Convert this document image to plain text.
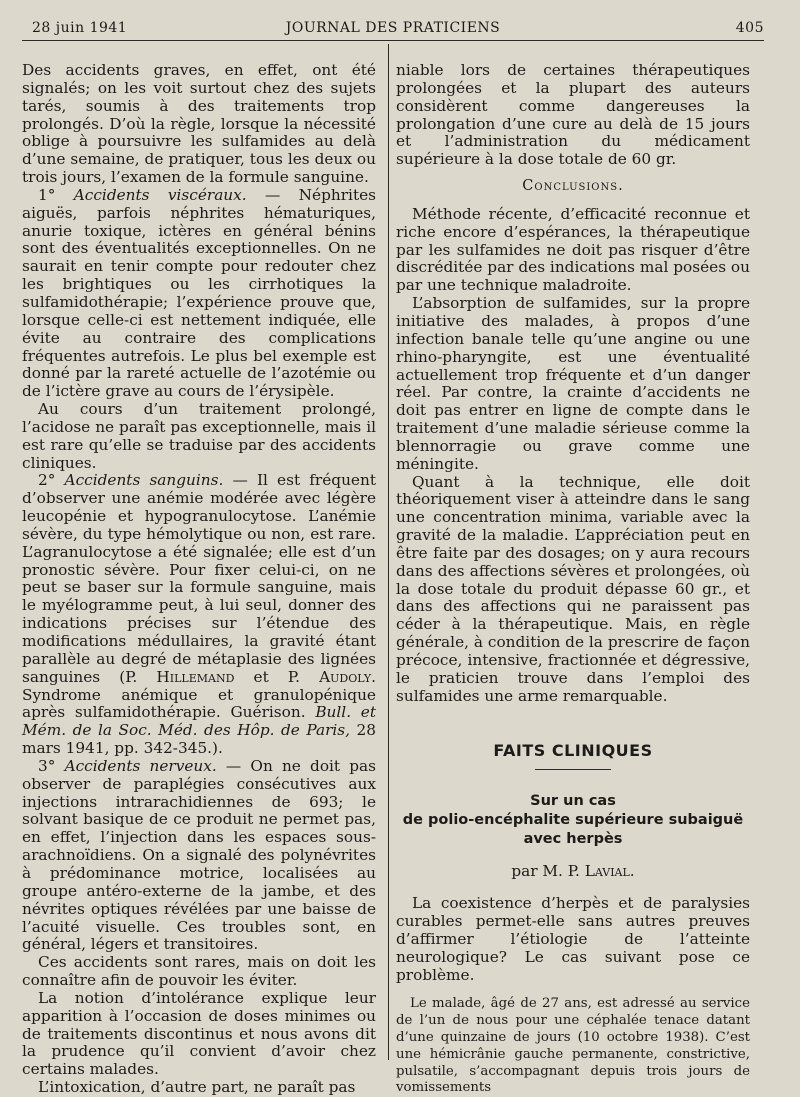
28 juin 1941	JOURNAL DES PRATICIENS	405

Des accidents graves, en effet, ont été signalés; on les voit surtout chez des sujets tarés, soumis à des traitements trop prolongés. D’où la règle, lorsque la nécessité oblige à poursuivre les sulfamides au delà d’une semaine, de pratiquer, tous les deux ou trois jours, l’examen de la formule sanguine.

1° Accidents viscéraux. — Néphrites aiguës, parfois néphrites hématuriques, anurie toxique, ictères en général bénins sont des éventualités exceptionnelles. On ne saurait en tenir compte pour redouter chez les brightiques ou les cirrhotiques la sulfamidothérapie; l’expérience prouve que, lorsque celle-ci est nettement indiquée, elle évite au contraire des complications fréquentes autrefois. Le plus bel exemple est donné par la rareté actuelle de l’azotémie ou de l’ictère grave au cours de l’érysipèle.

Au cours d’un traitement prolongé, l’acidose ne paraît pas exceptionnelle, mais il est rare qu’elle se traduise par des accidents cliniques.

2° Accidents sanguins. — Il est fréquent d’observer une anémie modérée avec légère leucopénie et hypogranulocytose. L’anémie sévère, du type hémolytique ou non, est rare. L’agranulocytose a été signalée; elle est d’un pronostic sévère. Pour fixer celui-ci, on ne peut se baser sur la formule sanguine, mais le myélogramme peut, à lui seul, donner des indications précises sur l’étendue des modifications médullaires, la gravité étant parallèle au degré de métaplasie des lignées sanguines (P. Hillemand et P. Audoly. Syndrome anémique et granulopénique après sulfamidothérapie. Guérison. Bull. et Mém. de la Soc. Méd. des Hôp. de Paris, 28 mars 1941, pp. 342-345.).

3° Accidents nerveux. — On ne doit pas observer de paraplégies consécutives aux injections intrarachidiennes de 693; le solvant basique de ce produit ne permet pas, en effet, l’injection dans les espaces sous-arachnoïdiens. On a signalé des polynévrites à prédominance motrice, localisées au groupe antéro-externe de la jambe, et des névrites optiques révélées par une baisse de l’acuité visuelle. Ces troubles sont, en général, légers et transitoires.

Ces accidents sont rares, mais on doit les connaître afin de pouvoir les éviter.

La notion d’intolérance explique leur apparition à l’occasion de doses minimes ou de traitements discontinus et nous avons dit la prudence qu’il convient d’avoir chez certains malades.

L’intoxication, d’autre part, ne paraît pas

niable lors de certaines thérapeutiques prolongées et la plupart des auteurs considèrent comme dangereuses la prolongation d’une cure au delà de 15 jours et l’administration du médicament supérieure à la dose totale de 60 gr.

Conclusions.

Méthode récente, d’efficacité reconnue et riche encore d’espérances, la thérapeutique par les sulfamides ne doit pas risquer d’être discréditée par des indications mal posées ou par une technique maladroite.

L’absorption de sulfamides, sur la propre initiative des malades, à propos d’une infection banale telle qu’une angine ou une rhino-pharyngite, est une éventualité actuellement trop fréquente et d’un danger réel. Par contre, la crainte d’accidents ne doit pas entrer en ligne de compte dans le traitement d’une maladie sérieuse comme la blennorragie ou grave comme une méningite.

Quant à la technique, elle doit théoriquement viser à atteindre dans le sang une concentration minima, variable avec la gravité de la maladie. L’appréciation peut en être faite par des dosages; on y aura recours dans des affections sévères et prolongées, où la dose totale du produit dépasse 60 gr., et dans des affections qui ne paraissent pas céder à la thérapeutique. Mais, en règle générale, à condition de la prescrire de façon précoce, intensive, fractionnée et dégressive, le praticien trouve dans l’emploi des sulfamides une arme remarquable.

FAITS CLINIQUES
Sur un cas
de polio-encéphalite supérieure subaiguë
avec herpès
par M. P. Lavial.

La coexistence d’herpès et de paralysies curables permet-elle sans autres preuves d’affirmer l’étiologie de l’atteinte neurologique? Le cas suivant pose ce problème.

Le malade, âgé de 27 ans, est adressé au service de l’un de nous pour une céphalée tenace datant d’une quinzaine de jours (10 octobre 1938). C’est une hémicrânie gauche permanente, constrictive, pulsatile, s’accompagnant depuis trois jours de vomissements
